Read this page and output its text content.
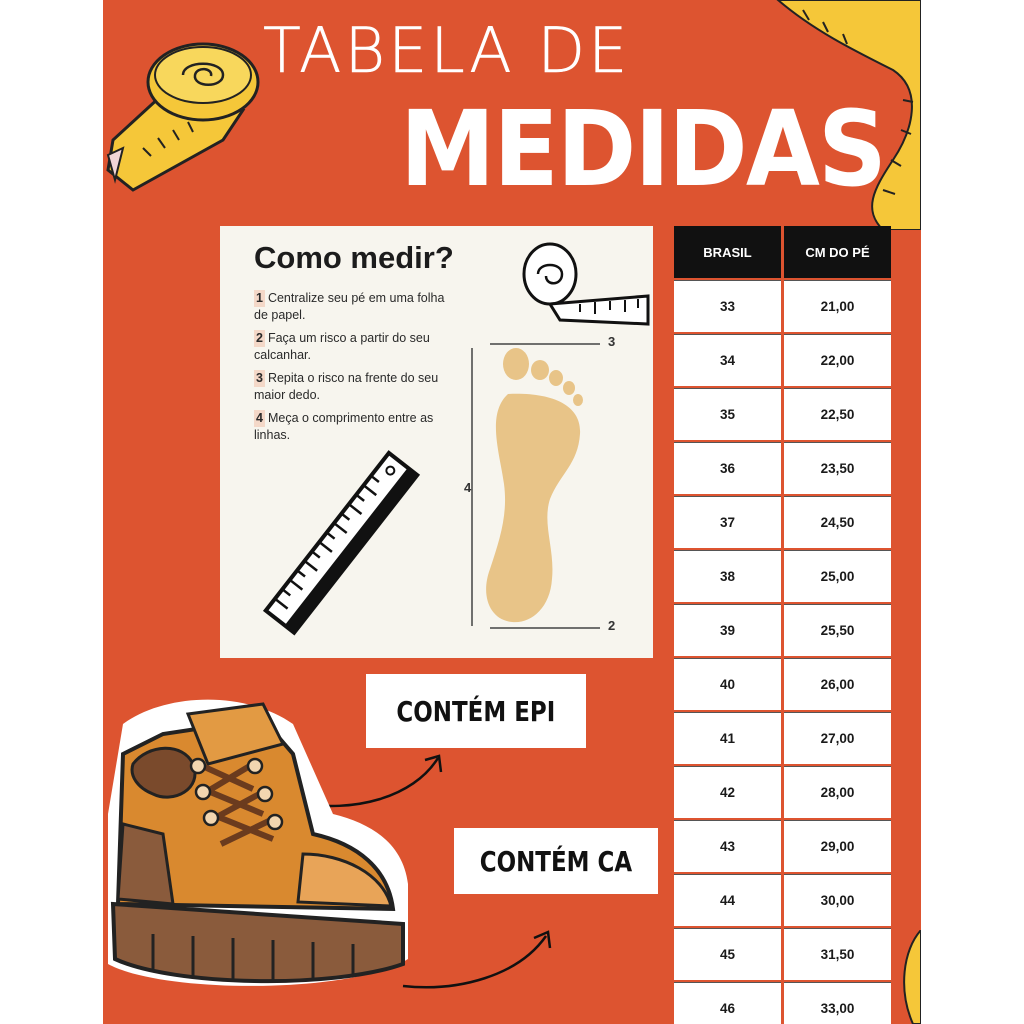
TABELA DE
MEDIDAS
Como medir?
1 Centralize seu pé em uma folha de papel.
2 Faça um risco a partir do seu calcanhar.
3 Repita o risco na frente do seu maior dedo.
4 Meça o comprimento entre as linhas.
3
4
2
BRASIL	CM DO PÉ
33	21,00
34	22,00
35	22,50
36	23,50
37	24,50
38	25,00
39	25,50
40	26,00
41	27,00
42	28,00
43	29,00
44	30,00
45	31,50
46	33,00
CONTÉM EPI
CONTÉM CA
